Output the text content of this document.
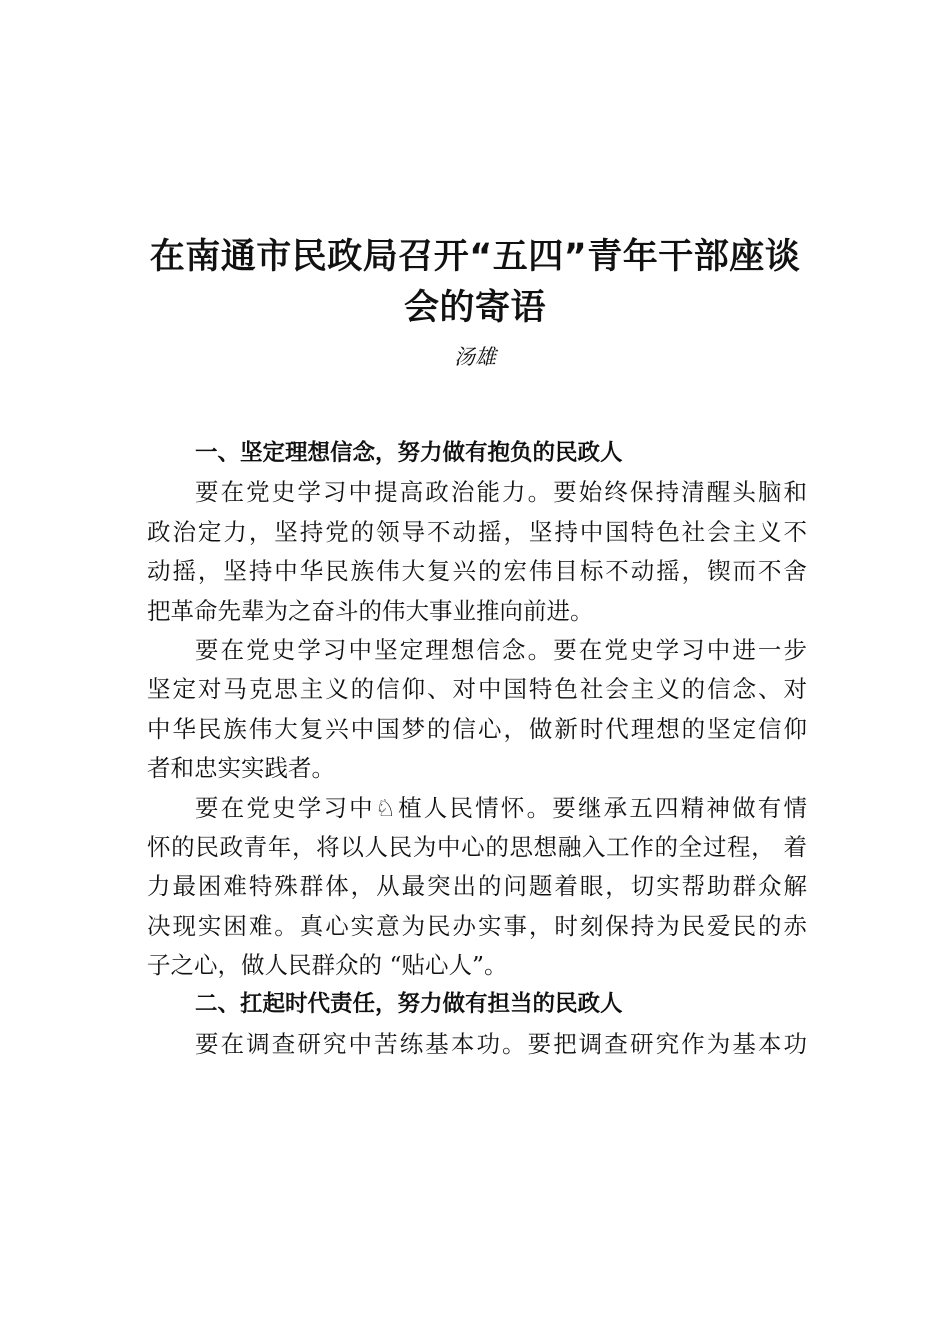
在南通市民政局召开“五四”青年干部座谈
会的寄语

汤雄

一、坚定理想信念，努力做有抱负的民政人
要在党史学习中提高政治能力。要始终保持清醒头脑和
政治定力，坚持党的领导不动摇，坚持中国特色社会主义不
动摇，坚持中华民族伟大复兴的宏伟目标不动摇，锲而不舍
把革命先辈为之奋斗的伟大事业推向前进。
要在党史学习中坚定理想信念。要在党史学习中进一步
坚定对马克思主义的信仰、对中国特色社会主义的信念、对
中华民族伟大复兴中国梦的信心，做新时代理想的坚定信仰
者和忠实实践者。
要在党史学习中♘植人民情怀。要继承五四精神做有情
怀的民政青年，将以人民为中心的思想融入工作的全过程， 着
力最困难特殊群体，从最突出的问题着眼，切实帮助群众解
决现实困难。真心实意为民办实事，时刻保持为民爱民的赤
子之心，做人民群众的 “贴心人”。
二、扛起时代责任，努力做有担当的民政人
要在调查研究中苦练基本功。要把调查研究作为基本功
